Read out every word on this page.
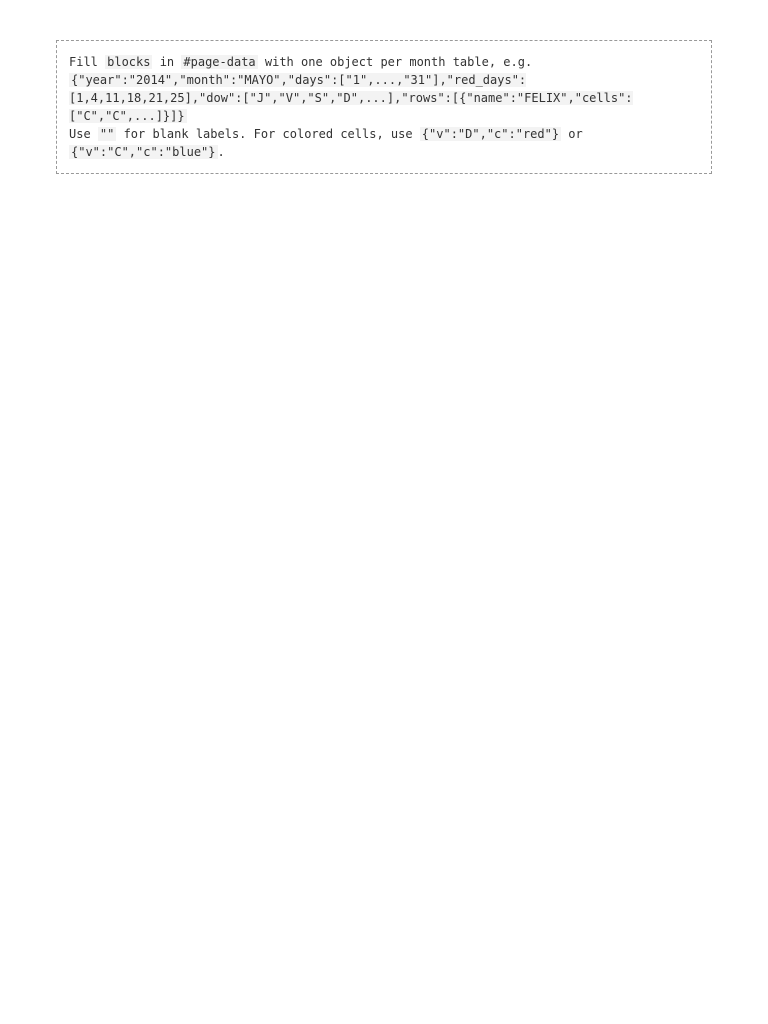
Fill blocks in #page-data with one object per month table, e.g.
{"year":"2014","month":"MAYO","days":["1",...,"31"],"red_days":[1,4,11,18,21,25],"dow":["J","V","S","D",...],"rows":[{"name":"FELIX","cells":["C","C",...]}]}
Use "" for blank labels. For colored cells, use {"v":"D","c":"red"} or {"v":"C","c":"blue"} .
